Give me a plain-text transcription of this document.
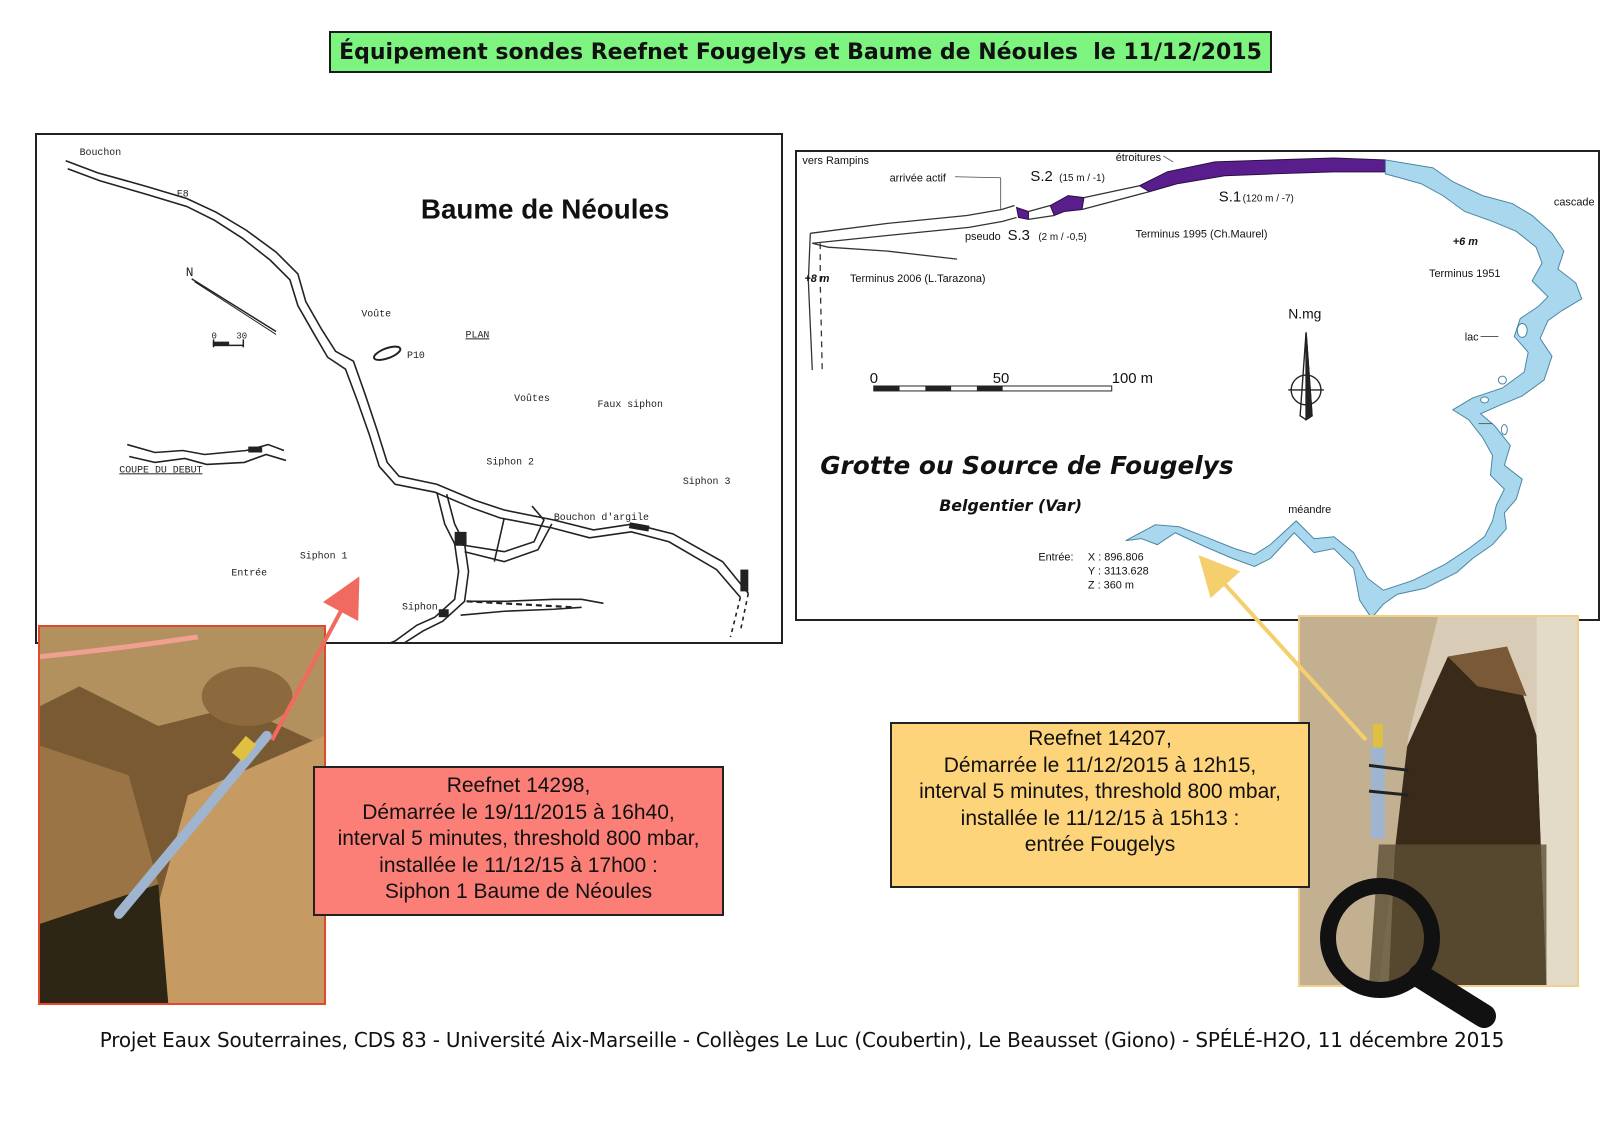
Équipement sondes Reefnet Fougelys et Baume de Néoules  le 11/12/2015
Bouchon
E8
N
0 30
Voûte
PLAN
P10
Voûtes
Faux siphon
COUPE DU DEBUT
Siphon 2
Siphon 3
Bouchon d'argile
Siphon 1
Entrée
Siphon
Baume de Néoules
vers Rampins
arrivée actif	S.2 (15 m / -1)
étroitures
S.1 (120 m / -7)	cascade
pseudo S.3 (2 m / -0,5)	Terminus 1995 (Ch.Maurel)
+6 m
+8 m Terminus 2006 (L.Tarazona)	Terminus 1951
N.mg
lac
0	50	100 m
méandre
Entrée: X : 896.806
Y : 3113.628
Z : 360 m
Grotte ou Source de Fougelys
Belgentier (Var)
Reefnet 14298,
Démarrée le 19/11/2015 à 16h40,
interval 5 minutes, threshold 800 mbar,
installée le 11/12/15 à 17h00 :
Siphon 1 Baume de Néoules
Reefnet 14207,
Démarrée le 11/12/2015 à 12h15,
interval 5 minutes, threshold 800 mbar,
installée le 11/12/15 à 15h13 :
entrée Fougelys
Projet Eaux Souterraines, CDS 83 - Université Aix-Marseille - Collèges Le Luc (Coubertin), Le Beausset (Giono) - SPÉLÉ-H2O, 11 décembre 2015
